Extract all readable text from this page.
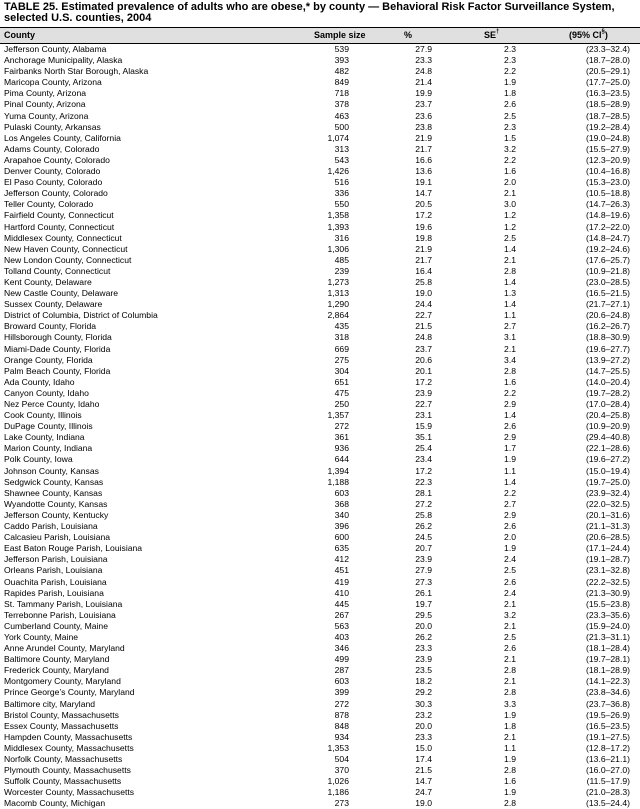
TABLE 25. Estimated prevalence of adults who are obese,* by county — Behavioral Risk Factor Surveillance System, selected U.S. counties, 2004
County	Sample size	%	SE†	(95% CI§)
Jefferson County, Alabama	539	27.9	2.3	(23.3–32.4)
Anchorage Municipality, Alaska	393	23.3	2.3	(18.7–28.0)
Fairbanks North Star Borough, Alaska	482	24.8	2.2	(20.5–29.1)
Maricopa County, Arizona	849	21.4	1.9	(17.7–25.0)
Pima County, Arizona	718	19.9	1.8	(16.3–23.5)
Pinal County, Arizona	378	23.7	2.6	(18.5–28.9)
Yuma County, Arizona	463	23.6	2.5	(18.7–28.5)
Pulaski County, Arkansas	500	23.8	2.3	(19.2–28.4)
Los Angeles County, California	1,074	21.9	1.5	(19.0–24.8)
Adams County, Colorado	313	21.7	3.2	(15.5–27.9)
Arapahoe County, Colorado	543	16.6	2.2	(12.3–20.9)
Denver County, Colorado	1,426	13.6	1.6	(10.4–16.8)
El Paso County, Colorado	516	19.1	2.0	(15.3–23.0)
Jefferson County, Colorado	336	14.7	2.1	(10.5–18.8)
Teller County, Colorado	550	20.5	3.0	(14.7–26.3)
Fairfield County, Connecticut	1,358	17.2	1.2	(14.8–19.6)
Hartford County, Connecticut	1,393	19.6	1.2	(17.2–22.0)
Middlesex County, Connecticut	316	19.8	2.5	(14.8–24.7)
New Haven County, Connecticut	1,306	21.9	1.4	(19.2–24.6)
New London County, Connecticut	485	21.7	2.1	(17.6–25.7)
Tolland County, Connecticut	239	16.4	2.8	(10.9–21.8)
Kent County, Delaware	1,273	25.8	1.4	(23.0–28.5)
New Castle County, Delaware	1,313	19.0	1.3	(16.5–21.5)
Sussex County, Delaware	1,290	24.4	1.4	(21.7–27.1)
District of Columbia, District of Columbia	2,864	22.7	1.1	(20.6–24.8)
Broward County, Florida	435	21.5	2.7	(16.2–26.7)
Hillsborough County, Florida	318	24.8	3.1	(18.8–30.9)
Miami-Dade County, Florida	669	23.7	2.1	(19.6–27.7)
Orange County, Florida	275	20.6	3.4	(13.9–27.2)
Palm Beach County, Florida	304	20.1	2.8	(14.7–25.5)
Ada County, Idaho	651	17.2	1.6	(14.0–20.4)
Canyon County, Idaho	475	23.9	2.2	(19.7–28.2)
Nez Perce County, Idaho	250	22.7	2.9	(17.0–28.4)
Cook County, Illinois	1,357	23.1	1.4	(20.4–25.8)
DuPage County, Illinois	272	15.9	2.6	(10.9–20.9)
Lake County, Indiana	361	35.1	2.9	(29.4–40.8)
Marion County, Indiana	936	25.4	1.7	(22.1–28.6)
Polk County, Iowa	644	23.4	1.9	(19.6–27.2)
Johnson County, Kansas	1,394	17.2	1.1	(15.0–19.4)
Sedgwick County, Kansas	1,188	22.3	1.4	(19.7–25.0)
Shawnee County, Kansas	603	28.1	2.2	(23.9–32.4)
Wyandotte County, Kansas	368	27.2	2.7	(22.0–32.5)
Jefferson County, Kentucky	340	25.8	2.9	(20.1–31.6)
Caddo Parish, Louisiana	396	26.2	2.6	(21.1–31.3)
Calcasieu Parish, Louisiana	600	24.5	2.0	(20.6–28.5)
East Baton Rouge Parish, Louisiana	635	20.7	1.9	(17.1–24.4)
Jefferson Parish, Louisiana	412	23.9	2.4	(19.1–28.7)
Orleans Parish, Louisiana	451	27.9	2.5	(23.1–32.8)
Ouachita Parish, Louisiana	419	27.3	2.6	(22.2–32.5)
Rapides Parish, Louisiana	410	26.1	2.4	(21.3–30.9)
St. Tammany Parish, Louisiana	445	19.7	2.1	(15.5–23.8)
Terrebonne Parish, Louisiana	267	29.5	3.2	(23.3–35.6)
Cumberland County, Maine	563	20.0	2.1	(15.9–24.0)
York County, Maine	403	26.2	2.5	(21.3–31.1)
Anne Arundel County, Maryland	346	23.3	2.6	(18.1–28.4)
Baltimore County, Maryland	499	23.9	2.1	(19.7–28.1)
Frederick County, Maryland	287	23.5	2.8	(18.1–28.9)
Montgomery County, Maryland	603	18.2	2.1	(14.1–22.3)
Prince George’s County, Maryland	399	29.2	2.8	(23.8–34.6)
Baltimore city, Maryland	272	30.3	3.3	(23.7–36.8)
Bristol County, Massachusetts	878	23.2	1.9	(19.5–26.9)
Essex County, Massachusetts	848	20.0	1.8	(16.5–23.5)
Hampden County, Massachusetts	934	23.3	2.1	(19.1–27.5)
Middlesex County, Massachusetts	1,353	15.0	1.1	(12.8–17.2)
Norfolk County, Massachusetts	504	17.4	1.9	(13.6–21.1)
Plymouth County, Massachusetts	370	21.5	2.8	(16.0–27.0)
Suffolk County, Massachusetts	1,026	14.7	1.6	(11.5–17.9)
Worcester County, Massachusetts	1,186	24.7	1.9	(21.0–28.3)
Macomb County, Michigan	273	19.0	2.8	(13.5–24.4)
